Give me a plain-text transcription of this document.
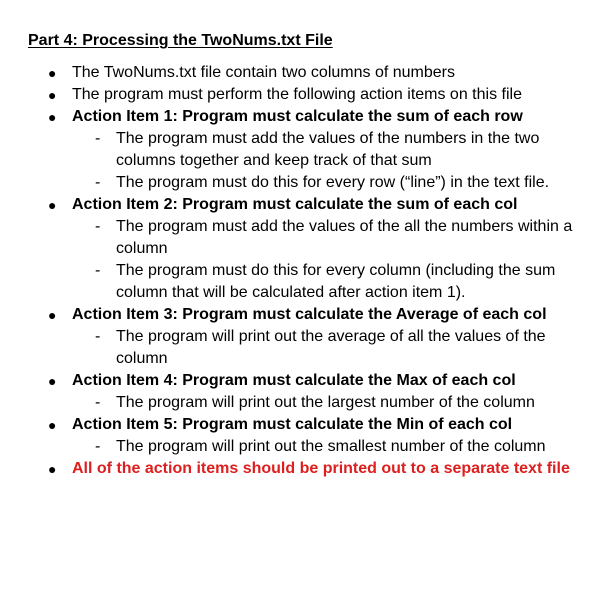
Part 4: Processing the TwoNums.txt File
● The TwoNums.txt file contain two columns of numbers
● The program must perform the following action items on this file
● Action Item 1: Program must calculate the sum of each row
- The program must add the values of the numbers in the two columns together and keep track of that sum
- The program must do this for every row (“line”) in the text file.
● Action Item 2: Program must calculate the sum of each col
- The program must add the values of the all the numbers within a column
- The program must do this for every column (including the sum column that will be calculated after action item 1).
● Action Item 3: Program must calculate the Average of each col
- The program will print out the average of all the values of the column
● Action Item 4: Program must calculate the Max of each col
- The program will print out the largest number of the column
● Action Item 5: Program must calculate the Min of each col
- The program will print out the smallest number of the column
● All of the action items should be printed out to a separate text file
